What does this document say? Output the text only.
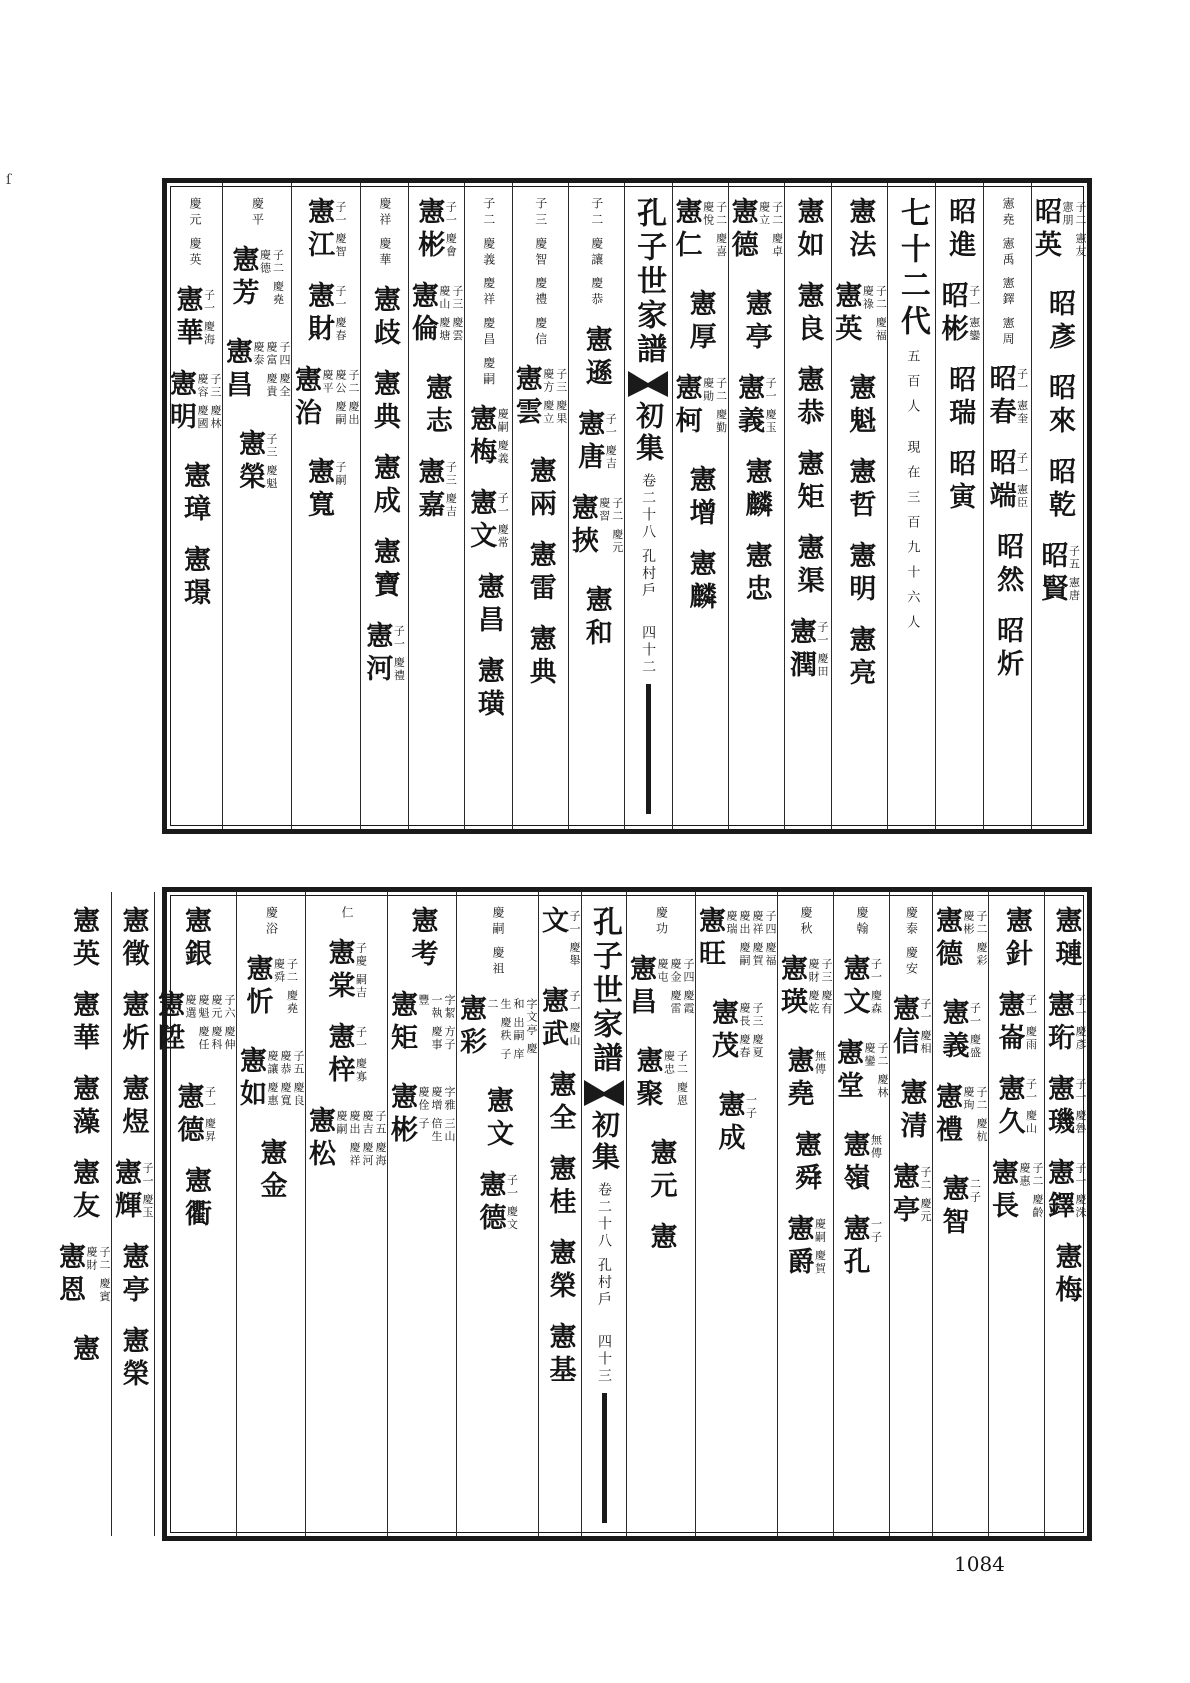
ſ
昭英	子二 憲友 憲朋
昭彥
昭來
昭乾
昭賢 子五 憲唐
憲堯 憲禹 憲鐸 憲周
昭春 子一 憲奎
昭端 子一 憲臣
昭然
昭炘
昭進
昭彬 子一 憲鑾
昭瑞
昭寅
七十二代
五百人 現在三百九十六人
憲法
憲英	子二 慶福 慶祿
憲魁
憲哲
憲明
憲亮
憲如
憲良
憲恭
憲矩
憲渠
憲潤 子一 慶田
憲德	子二 慶卓 慶立
憲亭
憲義 子一 慶玉
憲麟
憲忠
憲仁	子二 慶喜 慶悅
憲厚
憲柯	子二 慶勤 慶勛
憲增
憲麟
孔子世家譜
初集
卷二十八 孔村戶
四十二
子二 慶讓 慶恭
憲遜
憲唐 子一 慶吉
憲挾	子二 慶元 慶習
憲和
子三 慶智 慶禮 慶信
憲雲	子三 慶果 慶方 慶立
憲兩
憲雷
憲典
子二 慶義 慶祥 慶昌 慶嗣
憲梅 慶嗣 慶義
憲文 子一 慶常
憲昌
憲璜
憲彬 子一 慶會
憲倫	子三 慶雲 慶山 慶塘
憲志
憲嘉 子三 慶吉
慶祥 慶華
憲歧
憲典
憲成
憲寶
憲河 子一 慶禮
憲江 子一 慶智
憲財 子一 慶春
憲治	子二 慶出 慶公 慶嗣 慶平
憲寬 子嗣
慶平
憲芳	子二 慶堯 慶德
憲昌	子四 慶全 慶富 慶貴 慶泰
憲榮 子三 慶魁
慶元 慶英
憲華 子一 慶海
憲明	子三 慶林 慶容 慶國
憲璋
憲璟
憲璉
憲珩 子一 慶彥
憲璣 子一 慶魯
憲鐸 子一 慶洙
憲梅
憲針
憲崙 子一 慶雨
憲久 子一 慶山
憲長	子二 慶齡 慶惠
憲德	子二 慶彩 慶彬
憲義 子一 慶盛
憲禮	子二 慶杭 慶珣
憲智 二子
慶泰 慶安
憲信 子一 慶相
憲清
憲亭 子二 慶元
慶翰
憲文 子一 慶森
憲堂	子二 慶林 慶鑾
憲嶺 無傳
憲孔 一子
慶秋
憲瑛	子三 慶有 慶財 慶乾
憲堯 無傳
憲舜
憲爵 慶嗣 慶賀
憲旺	子四 慶福 慶祥 慶賀 慶出 慶嗣 慶瑞
憲茂	子三 慶夏 慶長 慶春
憲成 一子
慶功
憲昌	子四 慶霞 慶金 慶雷 慶屯
憲聚	子二 慶恩 慶忠
憲元
憲
孔子世家譜
初集
卷二十八 孔村戶
四十三
文 子一 慶舉
憲武 子一 慶山
憲全
憲桂
憲榮
憲基
慶嗣 慶祖
憲彩	字文亭 慶和 出嗣 庠生 慶秩 子二
憲文
憲德 子一 慶文
憲考
憲矩	字絜 方子 一執 慶事 豐
憲彬	字雅 三山 慶增 倍生 慶佺 子
仁
憲棠 子慶 嗣吉
憲梓 子一 慶寡
憲松	子五 慶海 慶吉 慶河 慶出 慶祥 慶嗣
慶浴
憲忻	子二 慶堯 慶舜
憲如	子五 慶良 慶恭 慶寬 慶讓 慶惠
憲金
憲銀
憲陞	子六 慶伸 慶元 慶科 慶魁 慶任 慶選
憲德 子一 慶昇
憲衢
憲徵
憲炘
憲煜
憲輝 子一 慶玉
憲亭
憲榮
憲英
憲華
憲藻
憲友
憲恩	子二 慶賓 慶財
憲
1084
